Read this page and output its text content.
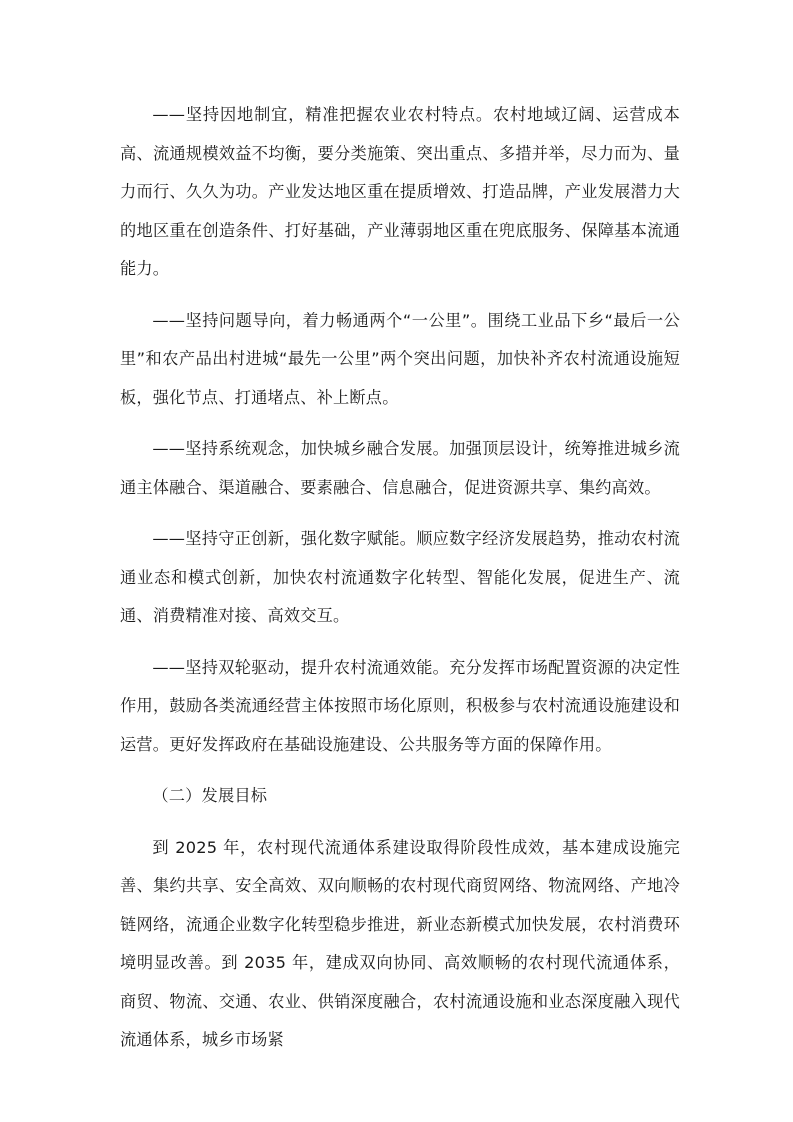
——坚持因地制宜，精准把握农业农村特点。农村地域辽阔、运营成本高、流通规模效益不均衡，要分类施策、突出重点、多措并举，尽力而为、量力而行、久久为功。产业发达地区重在提质增效、打造品牌，产业发展潜力大的地区重在创造条件、打好基础，产业薄弱地区重在兜底服务、保障基本流通能力。

——坚持问题导向，着力畅通两个“一公里”。围绕工业品下乡“最后一公里”和农产品出村进城“最先一公里”两个突出问题，加快补齐农村流通设施短板，强化节点、打通堵点、补上断点。

——坚持系统观念，加快城乡融合发展。加强顶层设计，统筹推进城乡流通主体融合、渠道融合、要素融合、信息融合，促进资源共享、集约高效。

——坚持守正创新，强化数字赋能。顺应数字经济发展趋势，推动农村流通业态和模式创新，加快农村流通数字化转型、智能化发展，促进生产、流通、消费精准对接、高效交互。

——坚持双轮驱动，提升农村流通效能。充分发挥市场配置资源的决定性作用，鼓励各类流通经营主体按照市场化原则，积极参与农村流通设施建设和运营。更好发挥政府在基础设施建设、公共服务等方面的保障作用。

（二）发展目标

到 2025 年，农村现代流通体系建设取得阶段性成效，基本建成设施完善、集约共享、安全高效、双向顺畅的农村现代商贸网络、物流网络、产地冷链网络，流通企业数字化转型稳步推进，新业态新模式加快发展，农村消费环境明显改善。到 2035 年，建成双向协同、高效顺畅的农村现代流通体系，商贸、物流、交通、农业、供销深度融合，农村流通设施和业态深度融入现代流通体系，城乡市场紧
